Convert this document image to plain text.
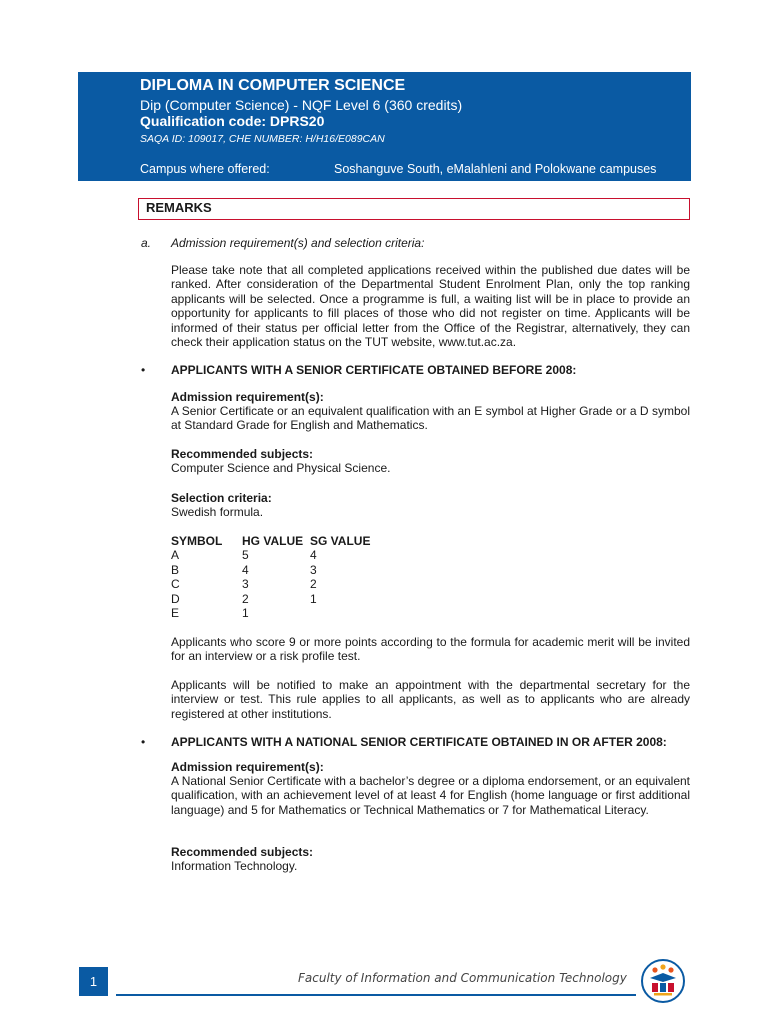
DIPLOMA IN COMPUTER SCIENCE
Dip (Computer Science) - NQF Level 6 (360 credits)
Qualification code: DPRS20
SAQA ID: 109017, CHE NUMBER: H/H16/E089CAN
Campus where offered:	Soshanguve South, eMalahleni and Polokwane campuses
REMARKS
a. Admission requirement(s) and selection criteria:
Please take note that all completed applications received within the published due dates will be ranked. After consideration of the Departmental Student Enrolment Plan, only the top ranking applicants will be selected. Once a programme is full, a waiting list will be in place to provide an opportunity for applicants to fill places of those who did not register on time. Applicants will be informed of their status per official letter from the Office of the Registrar, alternatively, they can check their application status on the TUT website, www.tut.ac.za.
• APPLICANTS WITH A SENIOR CERTIFICATE OBTAINED BEFORE 2008:
Admission requirement(s):
A Senior Certificate or an equivalent qualification with an E symbol at Higher Grade or a D symbol at Standard Grade for English and Mathematics.
Recommended subjects:
Computer Science and Physical Science.
Selection criteria:
Swedish formula.
SYMBOL	HG VALUE	SG VALUE
A	5	4
B	4	3
C	3	2
D	2	1
E	1	
Applicants who score 9 or more points according to the formula for academic merit will be invited for an interview or a risk profile test.
Applicants will be notified to make an appointment with the departmental secretary for the interview or test. This rule applies to all applicants, as well as to applicants who are already registered at other institutions.
• APPLICANTS WITH A NATIONAL SENIOR CERTIFICATE OBTAINED IN OR AFTER 2008:
Admission requirement(s):
A National Senior Certificate with a bachelor’s degree or a diploma endorsement, or an equivalent qualification, with an achievement level of at least 4 for English (home language or first additional language) and 5 for Mathematics or Technical Mathematics or 7 for Mathematical Literacy.
Recommended subjects:
Information Technology.
1	Faculty of Information and Communication Technology
